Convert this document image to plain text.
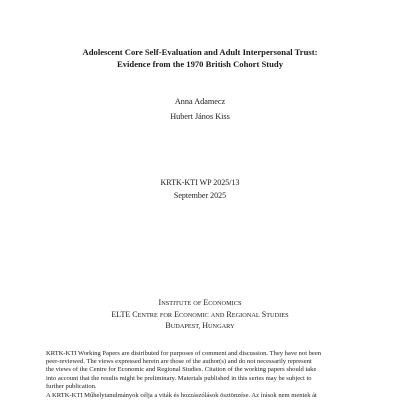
Adolescent Core Self-Evaluation and Adult Interpersonal Trust:
Evidence from the 1970 British Cohort Study
Anna Adamecz
Hubert János Kiss
KRTK-KTI WP 2025/13
September 2025
INSTITUTE OF ECONOMICS
ELTE CENTRE FOR ECONOMIC AND REGIONAL STUDIES
BUDAPEST, HUNGARY
KRTK-KTI Working Papers are distributed for purposes of comment and discussion. They have not been
peer-reviewed. The views expressed herein are those of the author(s) and do not necessarily represent
the views of the Centre for Economic and Regional Studies. Citation of the working papers should take
into account that the results might be preliminary. Materials published in this series may be subject to
further publication.
A KRTK-KTI Műhelytanulmányok célja a viták és hozzászólások ösztönzése. Az írások nem mentek át
